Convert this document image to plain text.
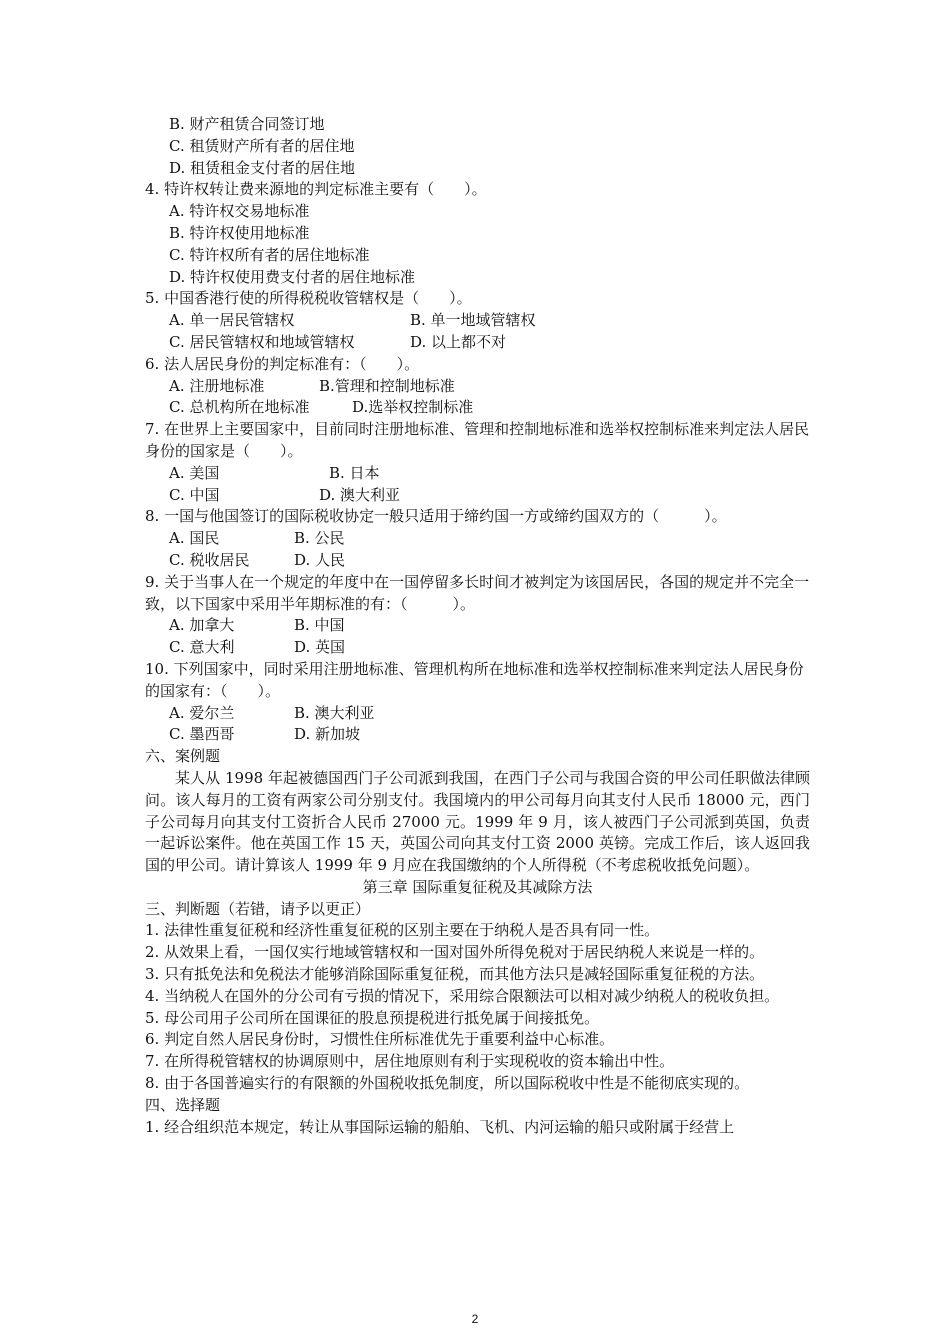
B. 财产租赁合同签订地
C. 租赁财产所有者的居住地
D. 租赁租金支付者的居住地
4. 特许权转让费来源地的判定标准主要有（　　）。
A. 特许权交易地标准
B. 特许权使用地标准
C. 特许权所有者的居住地标准
D. 特许权使用费支付者的居住地标准
5. 中国香港行使的所得税税收管辖权是（　　）。
A. 单一居民管辖权	B. 单一地域管辖权
C. 居民管辖权和地域管辖权	D. 以上都不对
6. 法人居民身份的判定标准有：（　　）。
A. 注册地标准	B.管理和控制地标准
C. 总机构所在地标准	D.选举权控制标准
7. 在世界上主要国家中，目前同时注册地标准、管理和控制地标准和选举权控制标准来判定法人居民身份的国家是（　　）。
A. 美国	B. 日本
C. 中国	D. 澳大利亚
8. 一国与他国签订的国际税收协定一般只适用于缔约国一方或缔约国双方的（　　　）。
A. 国民	B. 公民
C. 税收居民	D. 人民
9. 关于当事人在一个规定的年度中在一国停留多长时间才被判定为该国居民，各国的规定并不完全一致，以下国家中采用半年期标准的有：（　　　）。
A. 加拿大	B. 中国
C. 意大利	D. 英国
10. 下列国家中，同时采用注册地标准、管理机构所在地标准和选举权控制标准来判定法人居民身份的国家有：（　　）。
A. 爱尔兰	B. 澳大利亚
C. 墨西哥	D. 新加坡
六、案例题
某人从 1998 年起被德国西门子公司派到我国，在西门子公司与我国合资的甲公司任职做法律顾问。该人每月的工资有两家公司分别支付。我国境内的甲公司每月向其支付人民币 18000 元，西门子公司每月向其支付工资折合人民币 27000 元。1999 年 9 月，该人被西门子公司派到英国，负责一起诉讼案件。他在英国工作 15 天，英国公司向其支付工资 2000 英镑。完成工作后，该人返回我国的甲公司。请计算该人 1999 年 9 月应在我国缴纳的个人所得税（不考虑税收抵免问题）。
第三章 国际重复征税及其减除方法
三、判断题（若错，请予以更正）
1. 法律性重复征税和经济性重复征税的区别主要在于纳税人是否具有同一性。
2. 从效果上看，一国仅实行地域管辖权和一国对国外所得免税对于居民纳税人来说是一样的。
3. 只有抵免法和免税法才能够消除国际重复征税，而其他方法只是减轻国际重复征税的方法。
4. 当纳税人在国外的分公司有亏损的情况下，采用综合限额法可以相对减少纳税人的税收负担。
5. 母公司用子公司所在国课征的股息预提税进行抵免属于间接抵免。
6. 判定自然人居民身份时，习惯性住所标准优先于重要利益中心标准。
7. 在所得税管辖权的协调原则中，居住地原则有利于实现税收的资本输出中性。
8. 由于各国普遍实行的有限额的外国税收抵免制度，所以国际税收中性是不能彻底实现的。
四、选择题
1. 经合组织范本规定，转让从事国际运输的船舶、飞机、内河运输的船只或附属于经营上
2
